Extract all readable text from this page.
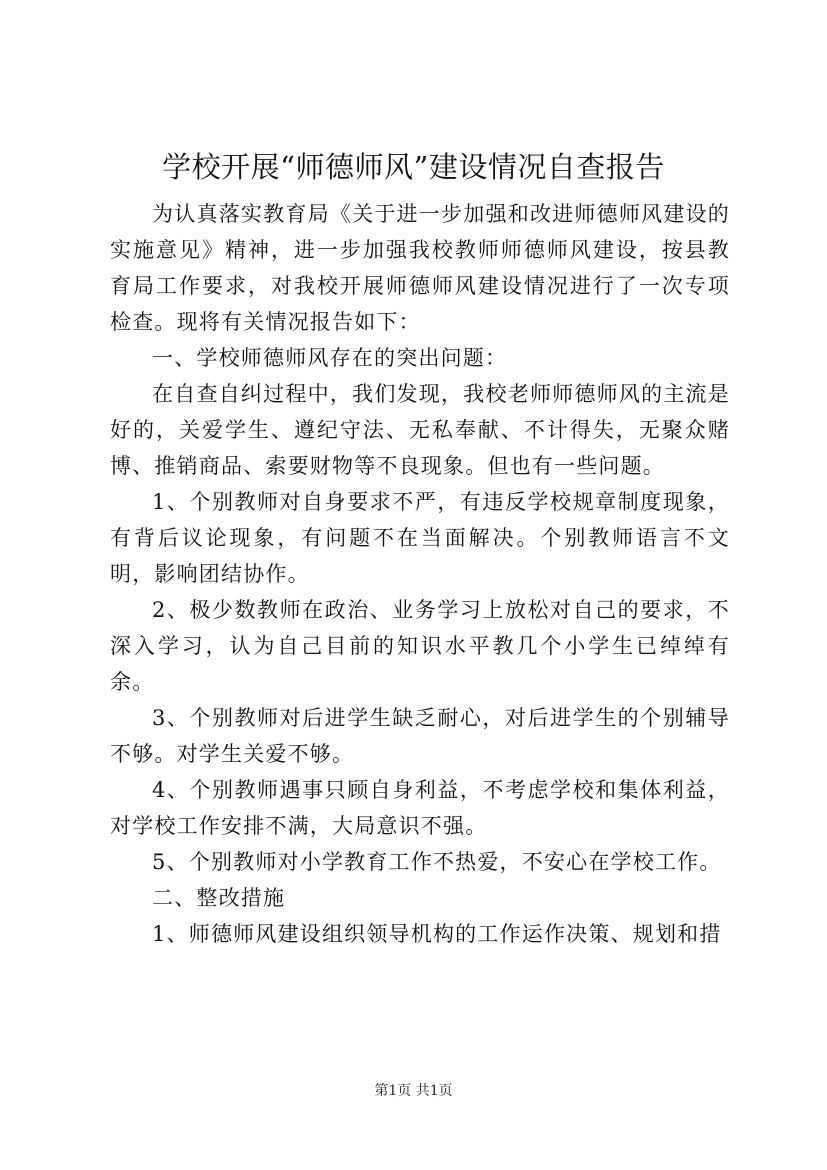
学校开展“师德师风”建设情况自查报告

为认真落实教育局《关于进一步加强和改进师德师风建设的实施意见》精神，进一步加强我校教师师德师风建设，按县教育局工作要求，对我校开展师德师风建设情况进行了一次专项检查。现将有关情况报告如下：

一、学校师德师风存在的突出问题：

在自查自纠过程中，我们发现，我校老师师德师风的主流是好的，关爱学生、遵纪守法、无私奉献、不计得失，无聚众赌博、推销商品、索要财物等不良现象。但也有一些问题。

1、个别教师对自身要求不严，有违反学校规章制度现象，有背后议论现象，有问题不在当面解决。个别教师语言不文明，影响团结协作。

2、极少数教师在政治、业务学习上放松对自己的要求，不深入学习，认为自己目前的知识水平教几个小学生已绰绰有余。

3、个别教师对后进学生缺乏耐心，对后进学生的个别辅导不够。对学生关爱不够。

4、个别教师遇事只顾自身利益，不考虑学校和集体利益，对学校工作安排不满，大局意识不强。

5、个别教师对小学教育工作不热爱，不安心在学校工作。

二、整改措施

1、师德师风建设组织领导机构的工作运作决策、规划和措

第1页 共1页
